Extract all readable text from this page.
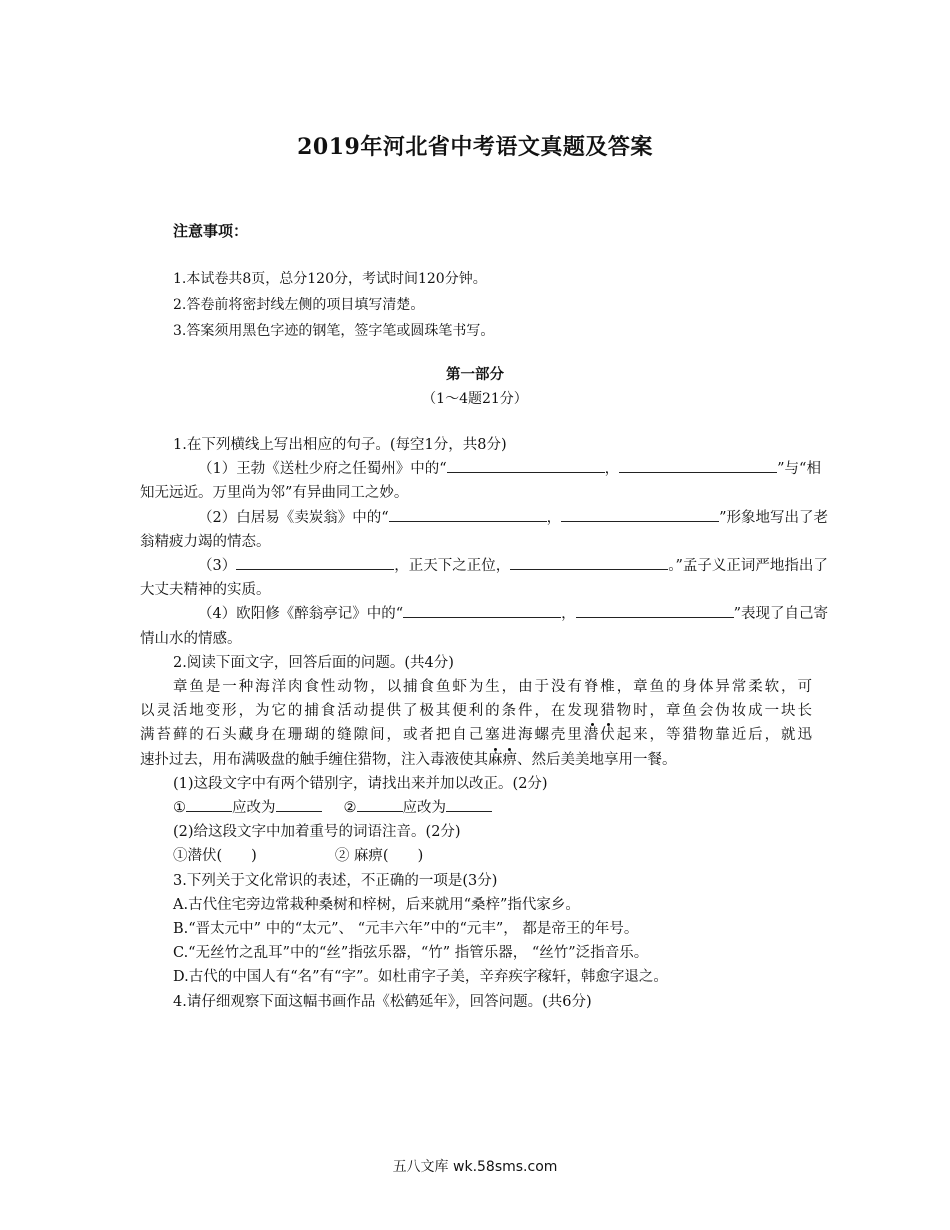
2019年河北省中考语文真题及答案
注意事项：
1.本试卷共8页，总分120分，考试时间120分钟。
2.答卷前将密封线左侧的项目填写清楚。
3.答案须用黑色字迹的钢笔，签字笔或圆珠笔书写。
第一部分
（1～4题21分）
1.在下列横线上写出相应的句子。(每空1分，共8分)
（1）王勃《送杜少府之任蜀州》中的“	，	”与“相
知无远近。万里尚为邻”有异曲同工之妙。
（2）白居易《卖炭翁》中的“	，	”形象地写出了老
翁精疲力竭的情态。
（3）	，正天下之正位，	。”孟子义正词严地指出了
大丈夫精神的实质。
（4）欧阳修《醉翁亭记》中的“	，	”表现了自己寄
情山水的情感。
2.阅读下面文字，回答后面的问题。(共4分)
章鱼是一种海洋肉食性动物，以捕食鱼虾为生，由于没有脊椎，章鱼的身体异常柔软，可
以灵活地变形，为它的捕食活动提供了极其便利的条件，在发现猎物时，章鱼会伪妆成一块长
满苔藓的石头藏身在珊瑚的缝隙间，或者把自己塞进海螺壳里潜伏起来，等猎物靠近后，就迅
速扑过去，用布满吸盘的触手缠住猎物，注入毒液使其麻痹、然后美美地享用一餐。
(1)这段文字中有两个错别字，请找出来并加以改正。(2分)
①	应改为	②	应改为
(2)给这段文字中加着重号的词语注音。(2分)
①潜伏(　　)	② 麻痹(　　)
3.下列关于文化常识的表述，不正确的一项是(3分)
A.古代住宅旁边常栽种桑树和梓树，后来就用“桑梓”指代家乡。
B.“晋太元中” 中的“太元”、 “元丰六年”中的“元丰”， 都是帝王的年号。
C.“无丝竹之乱耳”中的“丝”指弦乐器，“竹” 指管乐器， “丝竹”泛指音乐。
D.古代的中国人有“名”有“字”。如杜甫字子美，辛弃疾字稼轩，韩愈字退之。
4.请仔细观察下面这幅书画作品《松鹤延年》，回答问题。(共6分)
五八文库 wk.58sms.com
